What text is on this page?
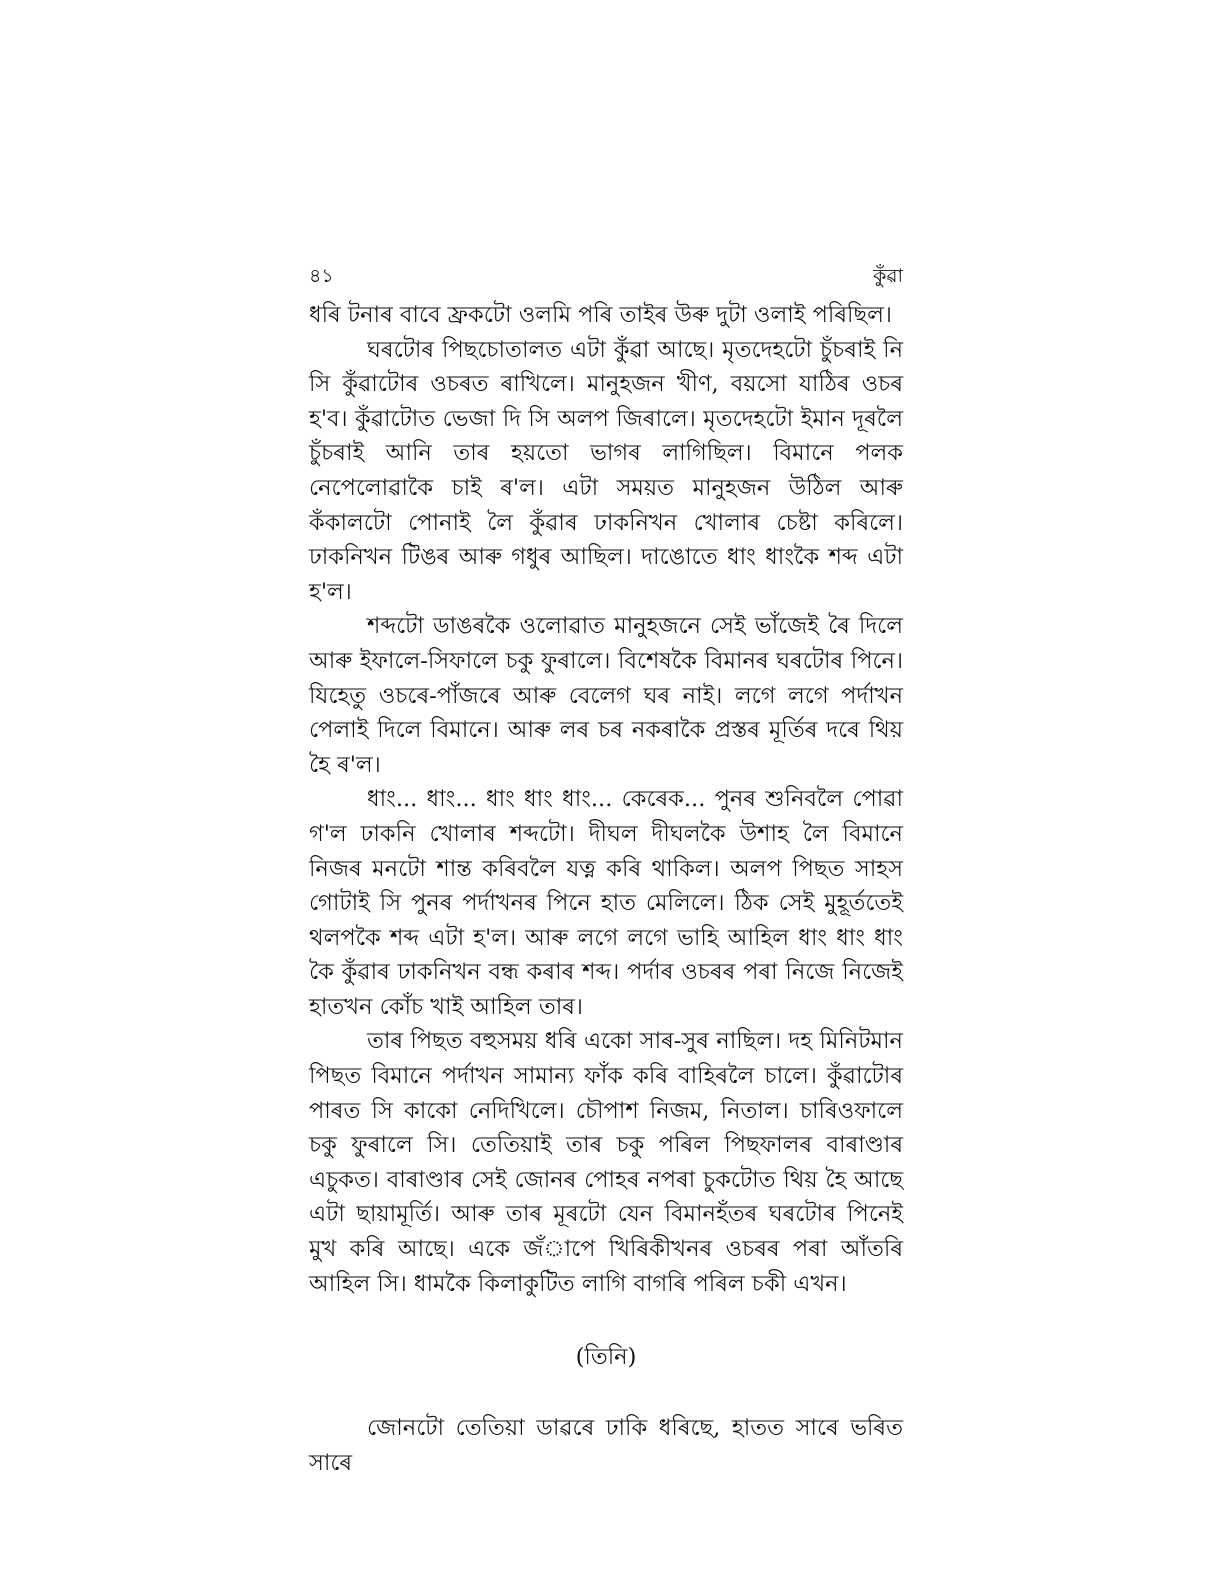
৪১	কুঁৱা

ধৰি টনাৰ বাবে ফ্ৰকটো ওলমি পৰি তাইৰ উৰু দুটা ওলাই পৰিছিল।

ঘৰটোৰ পিছচোতালত এটা কুঁৱা আছে। মৃতদেহটো চুঁচৰাই নি সি কুঁৱাটোৰ ওচৰত ৰাখিলে। মানুহজন খীণ, বয়সো যাঠিৰ ওচৰ হ'ব। কুঁৱাটোত ভেজা দি সি অলপ জিৰালে। মৃতদেহটো ইমান দূৰলৈ চুঁচৰাই আনি তাৰ হয়তো ভাগৰ লাগিছিল। বিমানে পলক নেপেলোৱাকৈ চাই ৰ'ল। এটা সময়ত মানুহজন উঠিল আৰু কঁকালটো পোনাই লৈ কুঁৱাৰ ঢাকনিখন খোলাৰ চেষ্টা কৰিলে। ঢাকনিখন টিঙৰ আৰু গধুৰ আছিল। দাঙোতে ধাং ধাংকৈ শব্দ এটা হ'ল।

শব্দটো ডাঙৰকৈ ওলোৱাত মানুহজনে সেই ভাঁজেই ৰৈ দিলে আৰু ইফালে-সিফালে চকু ফুৰালে। বিশেষকৈ বিমানৰ ঘৰটোৰ পিনে। যিহেতু ওচৰে-পাঁজৰে আৰু বেলেগ ঘৰ নাই। লগে লগে পৰ্দাখন পেলাই দিলে বিমানে। আৰু লৰ চৰ নকৰাকৈ প্ৰস্তৰ মূৰ্তিৰ দৰে থিয় হৈ ৰ'ল।

ধাং... ধাং... ধাং ধাং ধাং... কেৰেক... পুনৰ শুনিবলৈ পোৱা গ'ল ঢাকনি খোলাৰ শব্দটো। দীঘল দীঘলকৈ উশাহ লৈ বিমানে নিজৰ মনটো শান্ত কৰিবলৈ যত্ন কৰি থাকিল। অলপ পিছত সাহস গোটাই সি পুনৰ পৰ্দাখনৰ পিনে হাত মেলিলে। ঠিক সেই মুহূৰ্ততেই থলপকৈ শব্দ এটা হ'ল। আৰু লগে লগে ভাহি আহিল ধাং ধাং ধাং কৈ কুঁৱাৰ ঢাকনিখন বন্ধ কৰাৰ শব্দ। পৰ্দাৰ ওচৰৰ পৰা নিজে নিজেই হাতখন কোঁচ খাই আহিল তাৰ।

তাৰ পিছত বহুসময় ধৰি একো সাৰ-সুৰ নাছিল। দহ মিনিটমান পিছত বিমানে পৰ্দাখন সামান্য ফাঁক কৰি বাহিৰলৈ চালে। কুঁৱাটোৰ পাৰত সি কাকো নেদিখিলে। চৌপাশ নিজম, নিতাল। চাৰিওফালে চকু ফুৰালে সি। তেতিয়াই তাৰ চকু পৰিল পিছফালৰ বাৰাণ্ডাৰ এচুকত। বাৰাণ্ডাৰ সেই জোনৰ পোহৰ নপৰা চুকটোত থিয় হৈ আছে এটা ছায়ামূৰ্তি। আৰু তাৰ মূৰটো যেন বিমানহঁতৰ ঘৰটোৰ পিনেই মুখ কৰি আছে। একে জঁাপে খিৰিকীখনৰ ওচৰৰ পৰা আঁতৰি আহিল সি। ধামকৈ কিলাকুটিত লাগি বাগৰি পৰিল চকী এখন।

(তিনি)

জোনটো তেতিয়া ডাৱৰে ঢাকি ধৰিছে, হাতত সাৰে ভৰিত সাৰে
